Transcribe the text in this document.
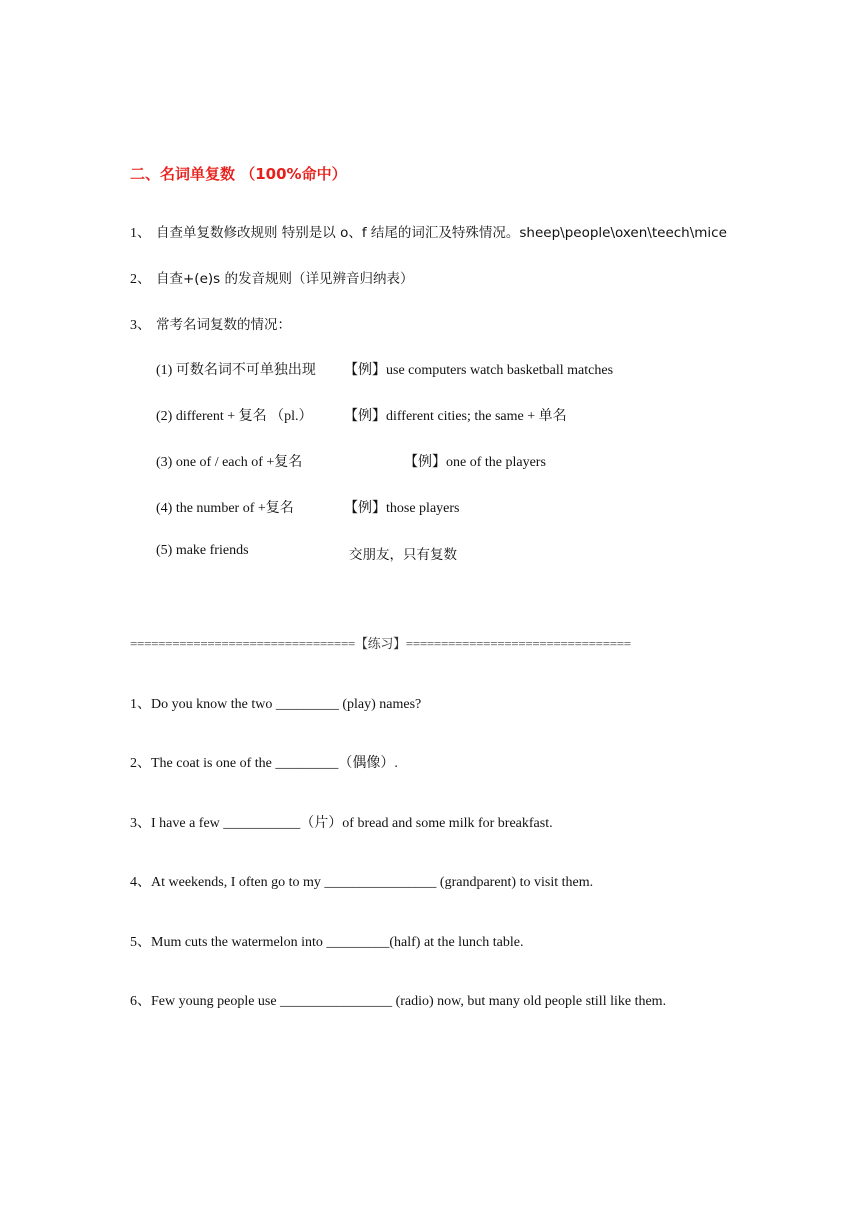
二、名词单复数 （100%命中）
1、 自查单复数修改规则 特别是以 o、f 结尾的词汇及特殊情况。sheep\people\oxen\teech\mice
2、 自查+(e)s 的发音规则（详见辨音归纳表）
3、 常考名词复数的情况：
(1) 可数名词不可单独出现 【例】use computers watch basketball matches
(2) different + 复名 （pl.） 【例】different cities; the same + 单名
(3) one of / each of +复名	【例】one of the players
(4) the number of +复名	【例】those players
(5) make friends	交朋友，只有复数
================================【练习】================================
1、Do you know the two _________ (play) names?
2、The coat is one of the _________（偶像）.
3、I have a few ___________（片）of bread and some milk for breakfast.
4、At weekends, I often go to my ________________ (grandparent) to visit them.
5、Mum cuts the watermelon into _________(half) at the lunch table.
6、Few young people use ________________ (radio) now, but many old people still like them.
